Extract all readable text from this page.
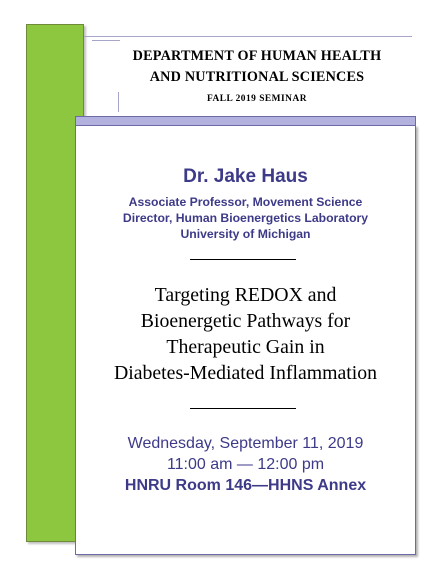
DEPARTMENT OF HUMAN HEALTH
AND NUTRITIONAL SCIENCES
FALL 2019 SEMINAR
Dr. Jake Haus
Associate Professor, Movement Science
Director, Human Bioenergetics Laboratory
University of Michigan
Targeting REDOX and
Bioenergetic Pathways for
Therapeutic Gain in
Diabetes-Mediated Inflammation
Wednesday, September 11, 2019
11:00 am — 12:00 pm
HNRU Room 146—HHNS Annex
